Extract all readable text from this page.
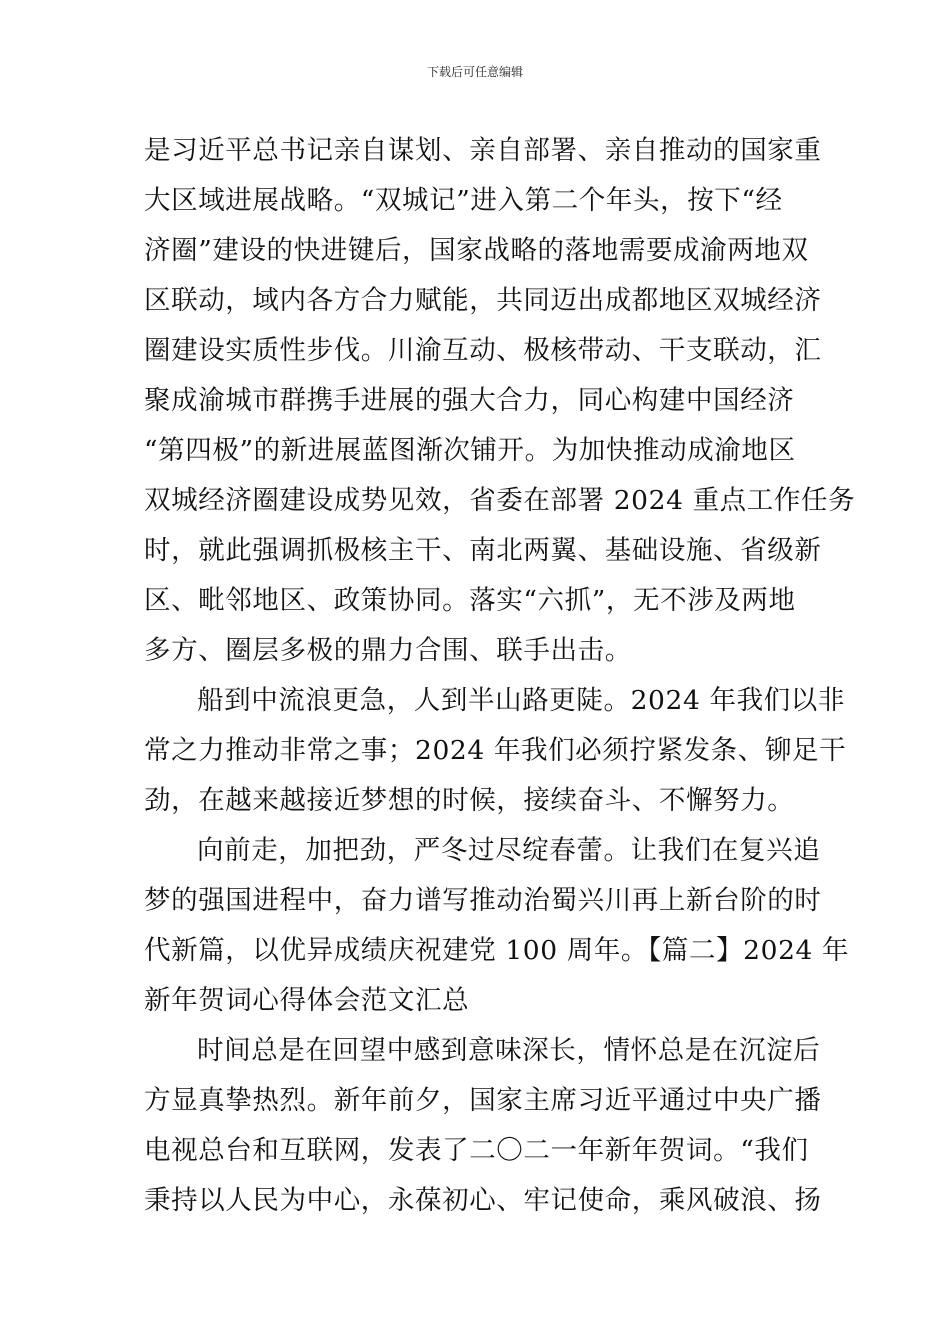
下载后可任意编辑
是习近平总书记亲自谋划、亲自部署、亲自推动的国家重
大区域进展战略。“双城记”进入第二个年头，按下“经
济圈”建设的快进键后，国家战略的落地需要成渝两地双
区联动，域内各方合力赋能，共同迈出成都地区双城经济
圈建设实质性步伐。川渝互动、极核带动、干支联动，汇
聚成渝城市群携手进展的强大合力，同心构建中国经济
“第四极”的新进展蓝图渐次铺开。为加快推动成渝地区
双城经济圈建设成势见效，省委在部署 2024 重点工作任务
时，就此强调抓极核主干、南北两翼、基础设施、省级新
区、毗邻地区、政策协同。落实“六抓”，无不涉及两地
多方、圈层多极的鼎力合围、联手出击。
船到中流浪更急，人到半山路更陡。2024 年我们以非
常之力推动非常之事；2024 年我们必须拧紧发条、铆足干
劲，在越来越接近梦想的时候，接续奋斗、不懈努力。
向前走，加把劲，严冬过尽绽春蕾。让我们在复兴追
梦的强国进程中，奋力谱写推动治蜀兴川再上新台阶的时
代新篇，以优异成绩庆祝建党 100 周年。【篇二】2024 年
新年贺词心得体会范文汇总
时间总是在回望中感到意味深长，情怀总是在沉淀后
方显真挚热烈。新年前夕，国家主席习近平通过中央广播
电视总台和互联网，发表了二〇二一年新年贺词。“我们
秉持以人民为中心，永葆初心、牢记使命，乘风破浪、扬
